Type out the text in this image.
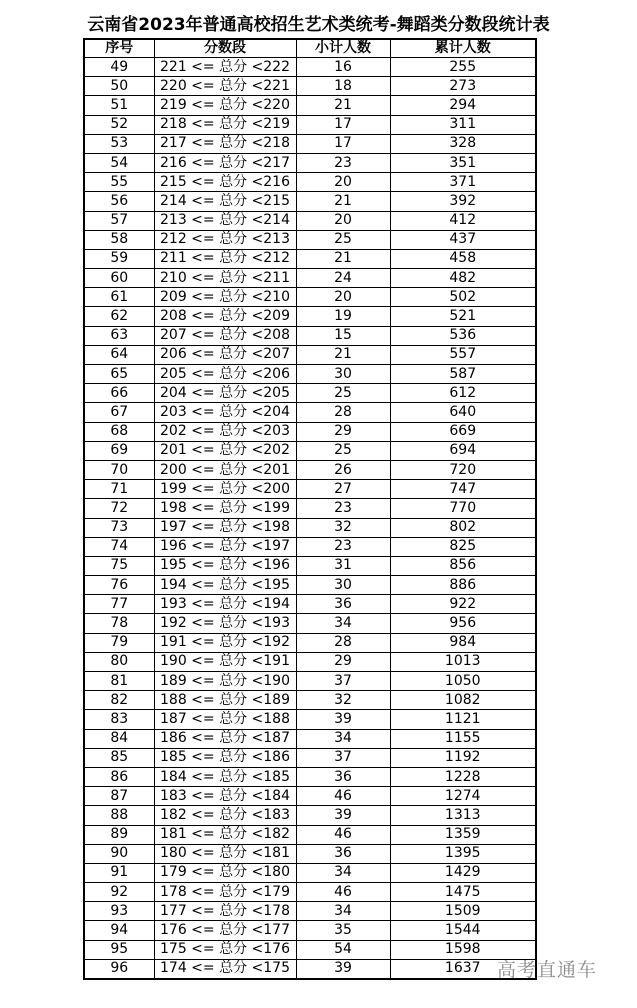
云南省2023年普通高校招生艺术类统考-舞蹈类分数段统计表
序号	分数段	小计人数	累计人数
49	221 <= 总分 <222	16	255
50	220 <= 总分 <221	18	273
51	219 <= 总分 <220	21	294
52	218 <= 总分 <219	17	311
53	217 <= 总分 <218	17	328
54	216 <= 总分 <217	23	351
55	215 <= 总分 <216	20	371
56	214 <= 总分 <215	21	392
57	213 <= 总分 <214	20	412
58	212 <= 总分 <213	25	437
59	211 <= 总分 <212	21	458
60	210 <= 总分 <211	24	482
61	209 <= 总分 <210	20	502
62	208 <= 总分 <209	19	521
63	207 <= 总分 <208	15	536
64	206 <= 总分 <207	21	557
65	205 <= 总分 <206	30	587
66	204 <= 总分 <205	25	612
67	203 <= 总分 <204	28	640
68	202 <= 总分 <203	29	669
69	201 <= 总分 <202	25	694
70	200 <= 总分 <201	26	720
71	199 <= 总分 <200	27	747
72	198 <= 总分 <199	23	770
73	197 <= 总分 <198	32	802
74	196 <= 总分 <197	23	825
75	195 <= 总分 <196	31	856
76	194 <= 总分 <195	30	886
77	193 <= 总分 <194	36	922
78	192 <= 总分 <193	34	956
79	191 <= 总分 <192	28	984
80	190 <= 总分 <191	29	1013
81	189 <= 总分 <190	37	1050
82	188 <= 总分 <189	32	1082
83	187 <= 总分 <188	39	1121
84	186 <= 总分 <187	34	1155
85	185 <= 总分 <186	37	1192
86	184 <= 总分 <185	36	1228
87	183 <= 总分 <184	46	1274
88	182 <= 总分 <183	39	1313
89	181 <= 总分 <182	46	1359
90	180 <= 总分 <181	36	1395
91	179 <= 总分 <180	34	1429
92	178 <= 总分 <179	46	1475
93	177 <= 总分 <178	34	1509
94	176 <= 总分 <177	35	1544
95	175 <= 总分 <176	54	1598
96	174 <= 总分 <175	39	1637 高考直通车
